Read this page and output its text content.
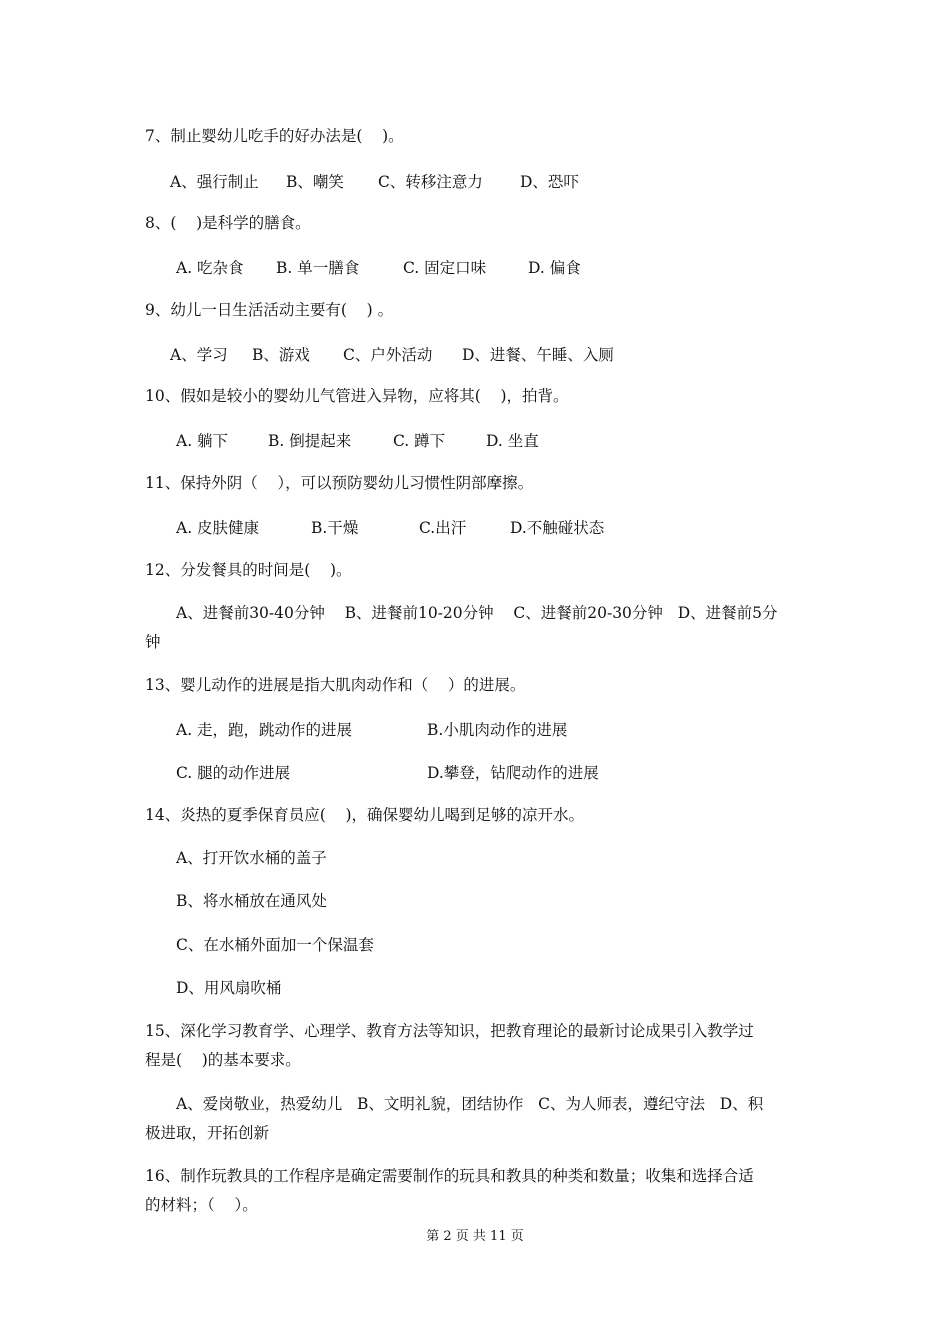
7、制止婴幼儿吃手的好办法是(    )。
A、强行制止 B、嘲笑 C、转移注意力 D、恐吓
8、(    )是科学的膳食。
A. 吃杂食 B. 单一膳食	C. 固定口味	D. 偏食
9、幼儿一日生活活动主要有(    ) 。
A、学习 B、游戏 C、户外活动 D、进餐、午睡、入厕
10、假如是较小的婴幼儿气管进入异物，应将其(    )，拍背。
A. 躺下	B. 倒提起来	C. 蹲下	D. 坐直
11、保持外阴（    ），可以预防婴幼儿习惯性阴部摩擦。
A. 皮肤健康	B.干燥	C.出汗	D.不触碰状态
12、分发餐具的时间是(    )。
A、进餐前30-40分钟    B、进餐前10-20分钟    C、进餐前20-30分钟   D、进餐前5分
钟
13、婴儿动作的进展是指大肌肉动作和（    ）的进展。
A. 走，跑，跳动作的进展	B.小肌肉动作的进展
C. 腿的动作进展	D.攀登，钻爬动作的进展
14、炎热的夏季保育员应(    )，确保婴幼儿喝到足够的凉开水。
A、打开饮水桶的盖子
B、将水桶放在通风处
C、在水桶外面加一个保温套
D、用风扇吹桶
15、深化学习教育学、心理学、教育方法等知识，把教育理论的最新讨论成果引入教学过
程是(    )的基本要求。
A、爱岗敬业，热爱幼儿   B、文明礼貌，团结协作   C、为人师表，遵纪守法   D、积
极进取，开拓创新
16、制作玩教具的工作程序是确定需要制作的玩具和教具的种类和数量；收集和选择合适
的材料；（    ）。
第 2 页 共 11 页
